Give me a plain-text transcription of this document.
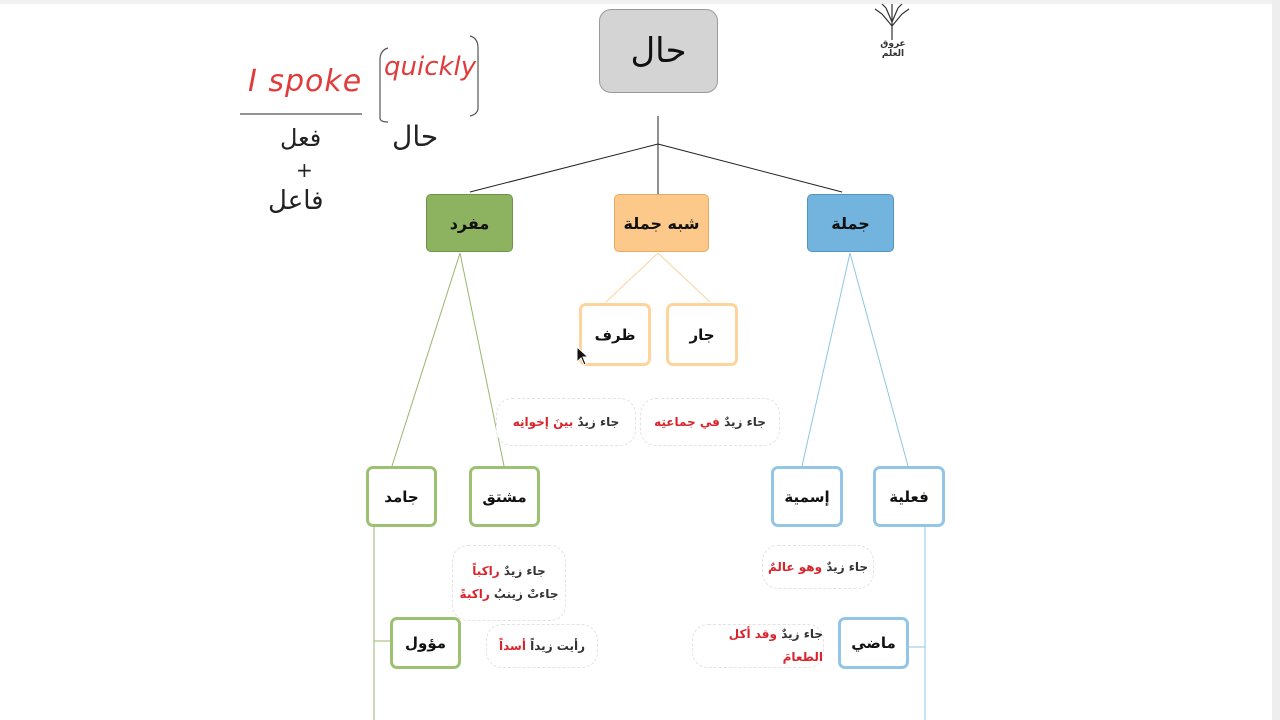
عروق العلم
حال
مفرد	شبه جملة	جملة
ظرف	جار
جامد	مشتق	إسمية	فعلية
مؤول	ماضي
جاء زيدٌ بينَ إخوانِه	جاء زيدٌ في جماعتِه
جاء زيدٌ راكباً
جاءتْ زينبُ راكبةً
رأيت زيداً أسداً
جاء زيدٌ وهو عالمٌ
جاء زيدٌ وقد أكل الطعامَ
I spoke quickly
حال
فعل
+
فاعل
